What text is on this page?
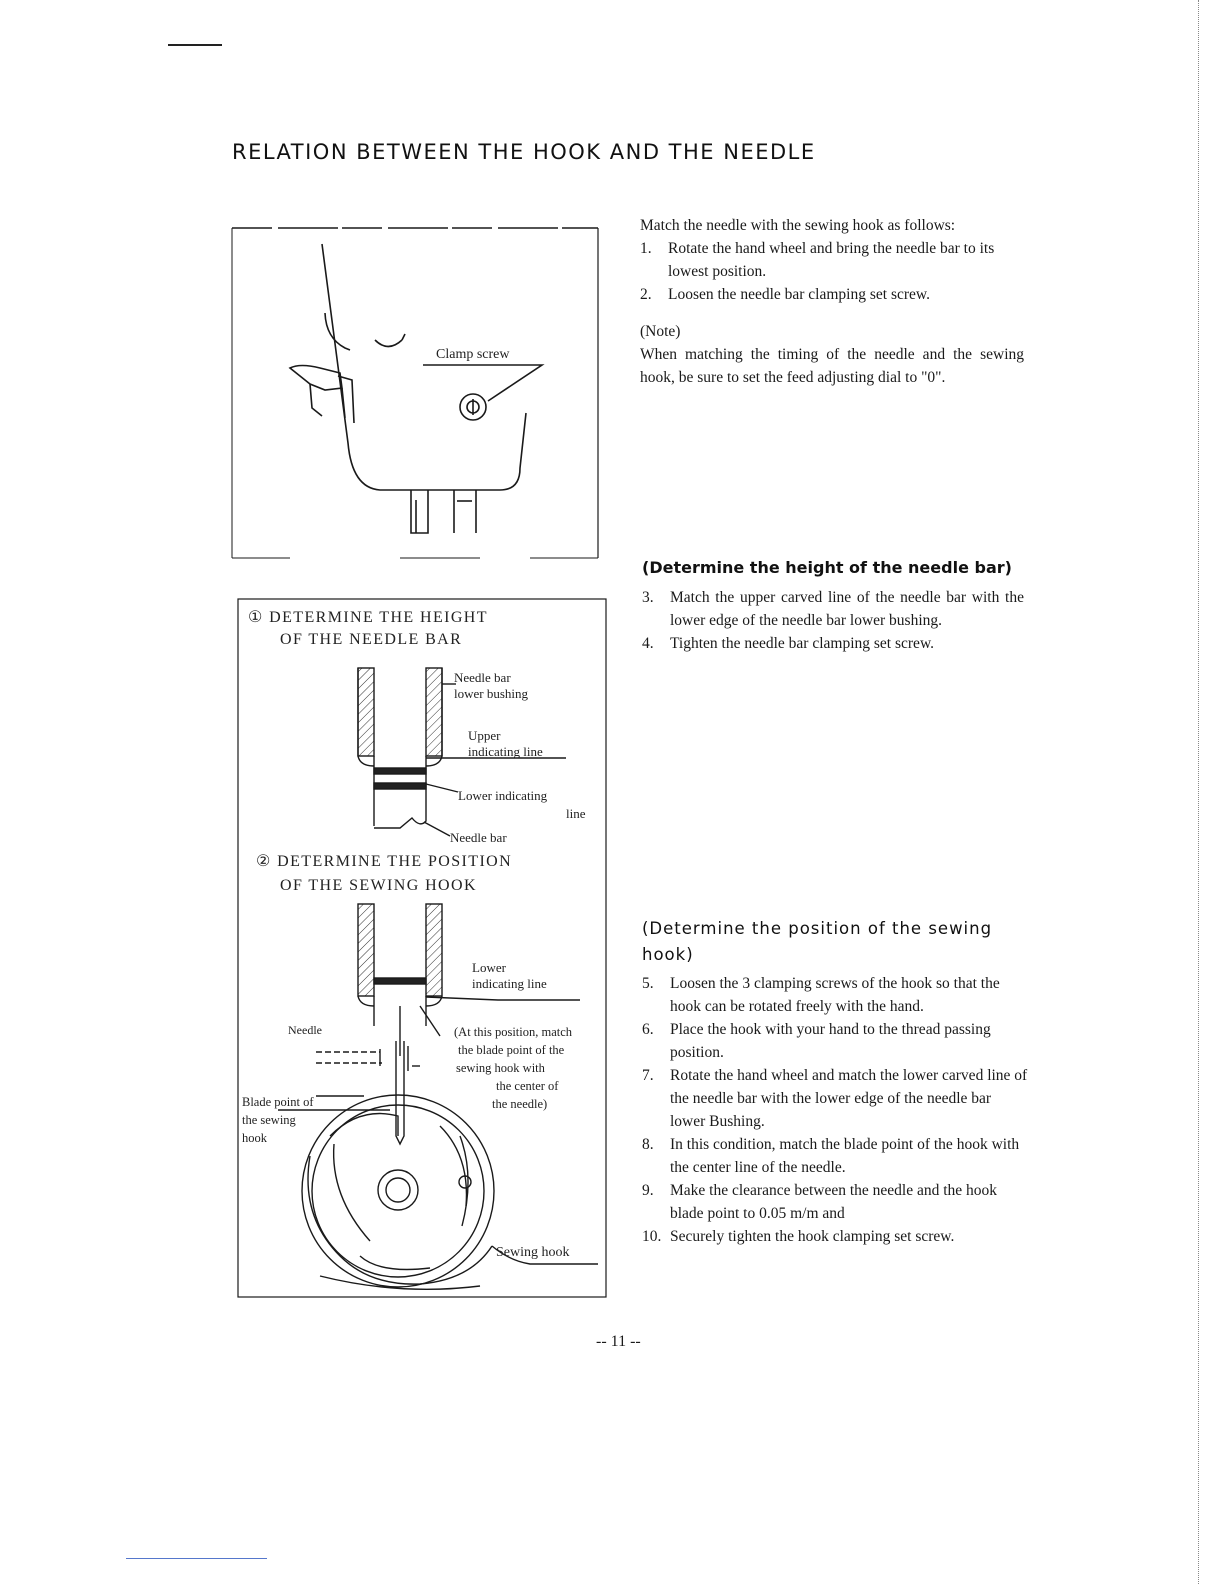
RELATION BETWEEN THE HOOK AND THE NEEDLE
Clamp screw
① DETERMINE THE HEIGHT
OF THE NEEDLE BAR
Needle bar
lower bushing
Upper
indicating line
Lower indicating
line
Needle bar
② DETERMINE THE POSITION
OF THE SEWING HOOK
Lower
indicating line
Needle	(At this position, match
the blade point of the
sewing hook with
the center of
the needle)
Blade point of
the sewing
hook
Sewing hook

Match the needle with the sewing hook as follows:

1.	Rotate the hand wheel and bring the needle bar to its lowest position.
2.	Loosen the needle bar clamping set screw.

(Note)

When matching the timing of the needle and the sewing hook, be sure to set the feed adjusting dial to "0".

(Determine the height of the needle bar)
3.	Match the upper carved line of the needle bar with the lower edge of the needle bar lower bushing.
4.	Tighten the needle bar clamping set screw.
(Determine the position of the sewing
hook)
5.	Loosen the 3 clamping screws of the hook so that the hook can be rotated freely with the hand.
6.	Place the hook with your hand to the thread passing position.
7.	Rotate the hand wheel and match the lower carved line of the needle bar with the lower edge of the needle bar lower Bushing.
8.	In this condition, match the blade point of the hook with the center line of the needle.
9.	Make the clearance between the needle and the hook blade point to 0.05 m/m and
10. Securely tighten the hook clamping set screw.
-- 11 --
